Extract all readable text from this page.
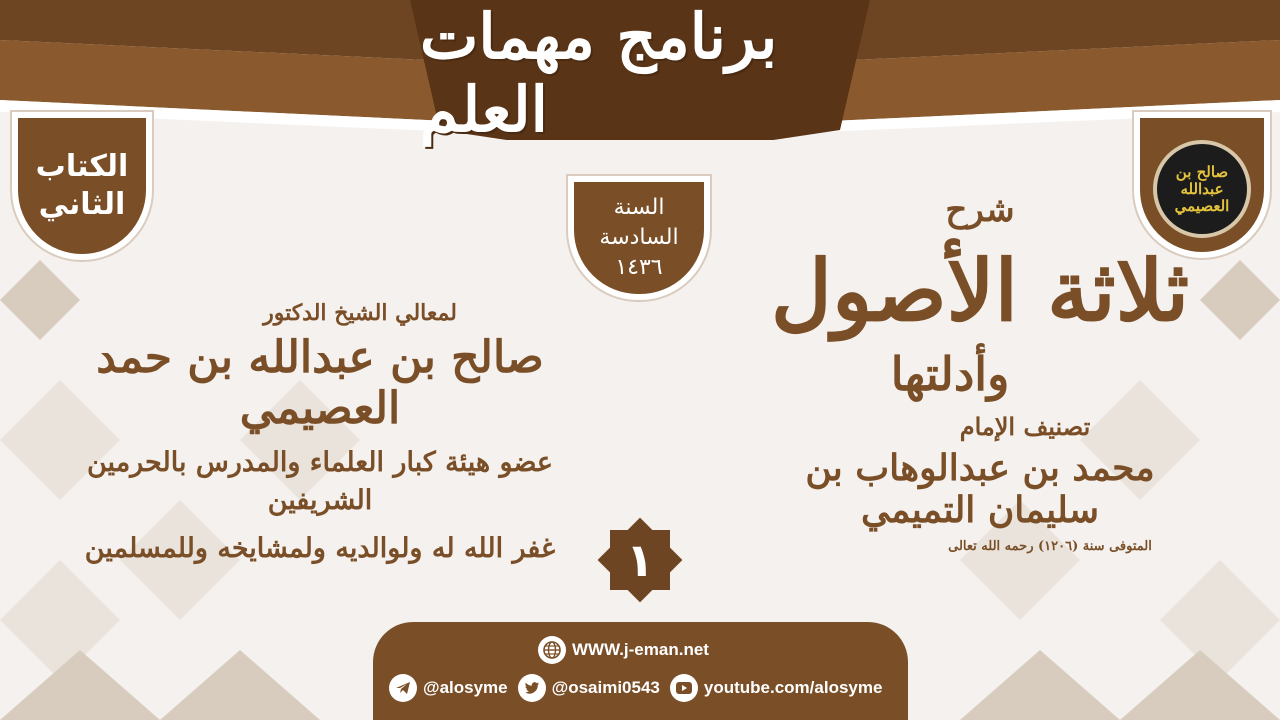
برنامج مهمات العلم
الكتاب
الثاني	السنة
السادسة
١٤٣٦
صالح بن عبدالله العصيمي
شرح
ثلاثة الأصول
وأدلتها
تصنيف الإمام
محمد بن عبدالوهاب بن سليمان التميمي
المتوفى سنة (١٢٠٦) رحمه الله تعالى
لمعالي الشيخ الدكتور
صالح بن عبدالله بن حمد العصيمي
عضو هيئة كبار العلماء والمدرس بالحرمين الشريفين
غفر الله له ولوالديه ولمشايخه وللمسلمين	١
WWW.j-eman.net
@alosyme	@osaimi0543	youtube.com/alosyme
